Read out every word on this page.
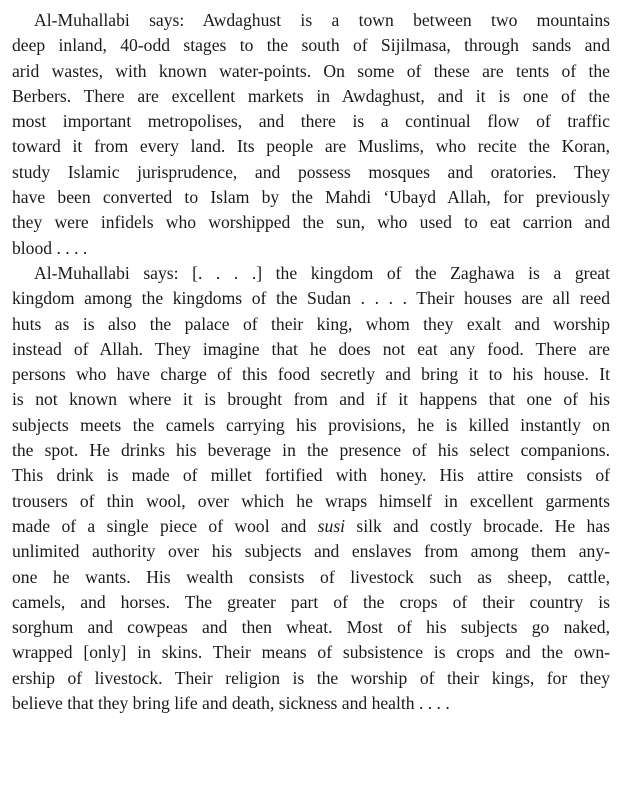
Al-Muhallabi says: Awdaghust is a town between two mountains
deep inland, 40-odd stages to the south of Sijilmasa, through sands and
arid wastes, with known water-points. On some of these are tents of the
Berbers. There are excellent markets in Awdaghust, and it is one of the
most important metropolises, and there is a continual flow of traffic
toward it from every land. Its people are Muslims, who recite the Koran,
study Islamic jurisprudence, and possess mosques and oratories. They
have been converted to Islam by the Mahdi ‘Ubayd Allah, for previously
they were infidels who worshipped the sun, who used to eat carrion and
blood . . . .
Al-Muhallabi says: [. . . .] the kingdom of the Zaghawa is a great
kingdom among the kingdoms of the Sudan . . . . Their houses are all reed
huts as is also the palace of their king, whom they exalt and worship
instead of Allah. They imagine that he does not eat any food. There are
persons who have charge of this food secretly and bring it to his house. It
is not known where it is brought from and if it happens that one of his
subjects meets the camels carrying his provisions, he is killed instantly on
the spot. He drinks his beverage in the presence of his select companions.
This drink is made of millet fortified with honey. His attire consists of
trousers of thin wool, over which he wraps himself in excellent garments
made of a single piece of wool and susi silk and costly brocade. He has
unlimited authority over his subjects and enslaves from among them any-
one he wants. His wealth consists of livestock such as sheep, cattle,
camels, and horses. The greater part of the crops of their country is
sorghum and cowpeas and then wheat. Most of his subjects go naked,
wrapped [only] in skins. Their means of subsistence is crops and the own-
ership of livestock. Their religion is the worship of their kings, for they
believe that they bring life and death, sickness and health . . . .
